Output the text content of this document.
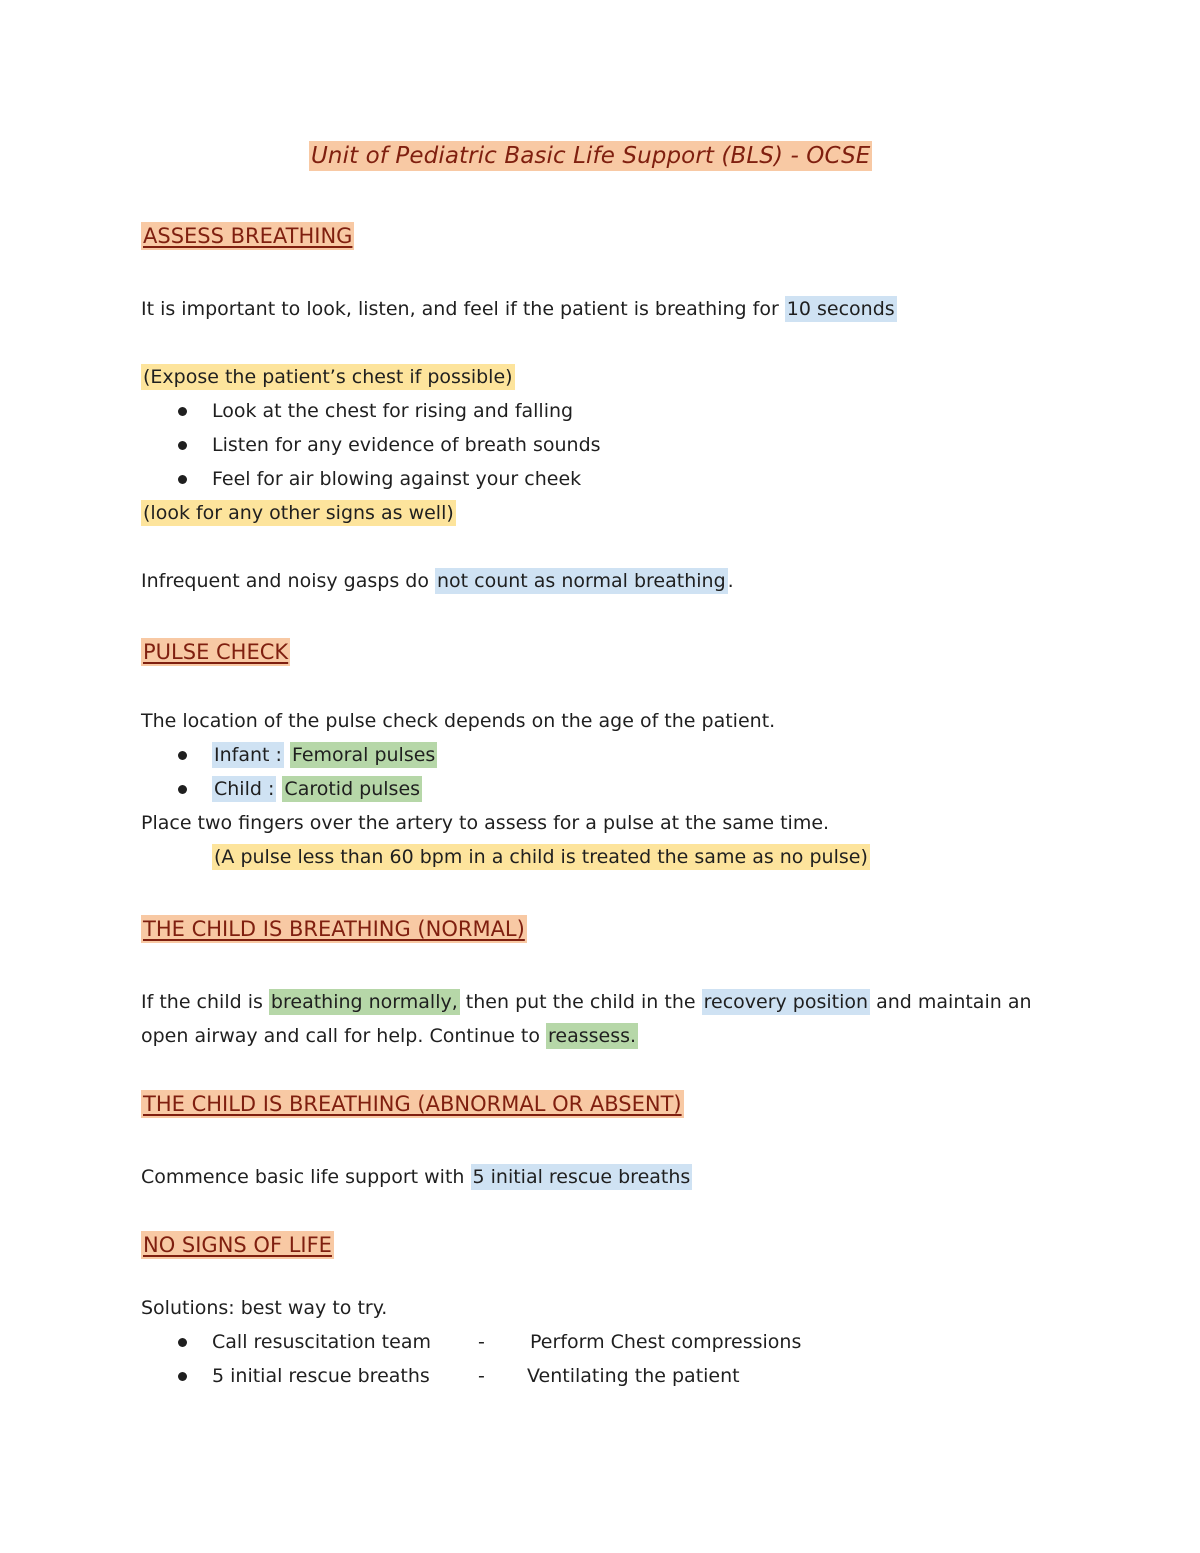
Unit of Pediatric Basic Life Support (BLS) - OCSE
ASSESS BREATHING
It is important to look, listen, and feel if the patient is breathing for 10 seconds
(Expose the patient’s chest if possible)
Look at the chest for rising and falling
Listen for any evidence of breath sounds
Feel for air blowing against your cheek
(look for any other signs as well)
Infrequent and noisy gasps do not count as normal breathing .
PULSE CHECK
The location of the pulse check depends on the age of the patient.
Infant : Femoral pulses
Child : Carotid pulses
Place two fingers over the artery to assess for a pulse at the same time.
(A pulse less than 60 bpm in a child is treated the same as no pulse)
THE CHILD IS BREATHING (NORMAL)
If the child is breathing normally, then put the child in the recovery position and maintain an
open airway and call for help. Continue to reassess.
THE CHILD IS BREATHING (ABNORMAL OR ABSENT)
Commence basic life support with 5 initial rescue breaths
NO SIGNS OF LIFE
Solutions: best way to try.
Call resuscitation team - Perform Chest compressions
5 initial rescue breaths	- Ventilating the patient
